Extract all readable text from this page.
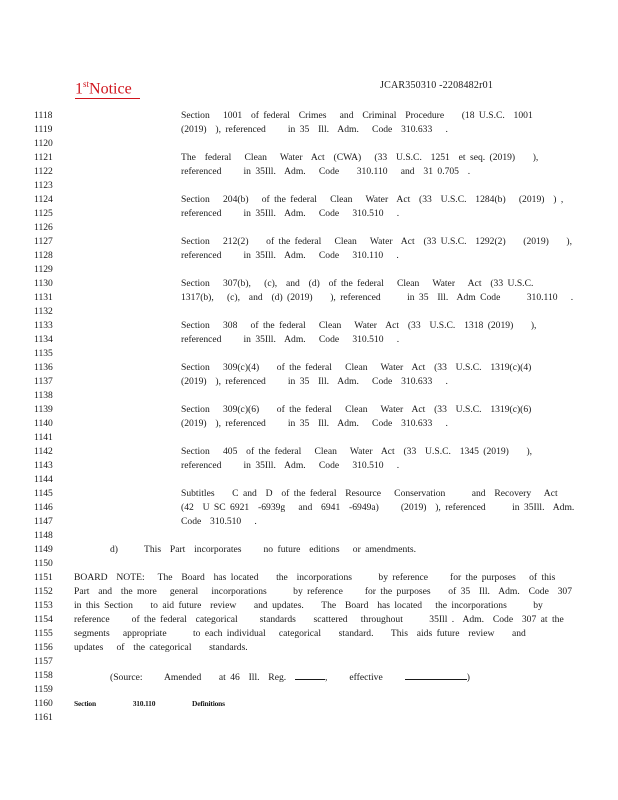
1stNotice	JCAR350310 -2208482r01
1118
1119
1120
1121
1122
1123
1124
1125
1126
1127
1128
1129
1130
1131
1132
1133
1134
1135
1136
1137
1138
1139
1140
1141
1142
1143
1144
1145
1146
1147
1148
1149
1150
1151
1152
1153
1154
1155
1156
1157
1158
1159
1160
1161
Section   1001  of federal  Crimes   and  Criminal  Procedure    (18 U.S.C.  1001
(2019)  ), referenced     in 35  Ill.  Adm.   Code  310.633   .
The  federal   Clean   Water  Act  (CWA)   (33  U.S.C.  1251  et seq. (2019)    ),
referenced     in 35Ill.  Adm.   Code    310.110   and  31 0.705  .
Section   204(b)   of the federal   Clean   Water  Act  (33  U.S.C.  1284(b)   (2019)  ) ,
referenced     in 35Ill.  Adm.   Code   310.510   .
Section   212(2)    of the federal   Clean   Water  Act  (33 U.S.C.  1292(2)    (2019)    ),
referenced     in 35Ill.  Adm.   Code   310.110   .
Section   307(b),   (c),  and  (d)  of the federal   Clean   Water   Act  (33 U.S.C.
1317(b),   (c),  and  (d) (2019)    ), referenced      in 35  Ill.  Adm Code      310.110   .
Section   308   of the federal   Clean   Water  Act  (33  U.S.C.  1318 (2019)    ),
referenced     in 35Ill.  Adm.   Code   310.510   .
Section   309(c)(4)    of the federal   Clean   Water  Act  (33  U.S.C.  1319(c)(4)
(2019)  ), referenced     in 35  Ill.  Adm.   Code  310.633   .
Section   309(c)(6)    of the federal   Clean   Water  Act  (33  U.S.C.  1319(c)(6)
(2019)  ), referenced     in 35  Ill.  Adm.   Code  310.633   .
Section   405  of the federal   Clean   Water  Act  (33  U.S.C.  1345 (2019)    ),
referenced     in 35Ill.  Adm.   Code   310.510   .
Subtitles    C and  D  of the federal  Resource   Conservation      and  Recovery   Act
(42  U SC 6921  -6939g   and  6941  -6949a)     (2019)  ), referenced      in 35Ill.  Adm.
Code  310.510   .
d)	This  Part  incorporates     no future  editions   or amendments.
BOARD  NOTE:   The  Board  has located    the  incorporations      by reference     for the purposes   of this
Part  and  the more   general   incorporations      by reference     for the purposes    of 35  Ill.  Adm.  Code  307
in this Section    to aid future  review    and updates.    The  Board  has located   the incorporations      by
reference     of the federal  categorical     standards    scattered   throughout      35Ill .  Adm.  Code  307 at the
segments   appropriate      to each individual   categorical    standard.    This  aids future  review    and
updates   of  the categorical    standards.
(Source: Amended    at 46  Ill.  Reg.	,     effective	)
Section	310.110	Definitions
